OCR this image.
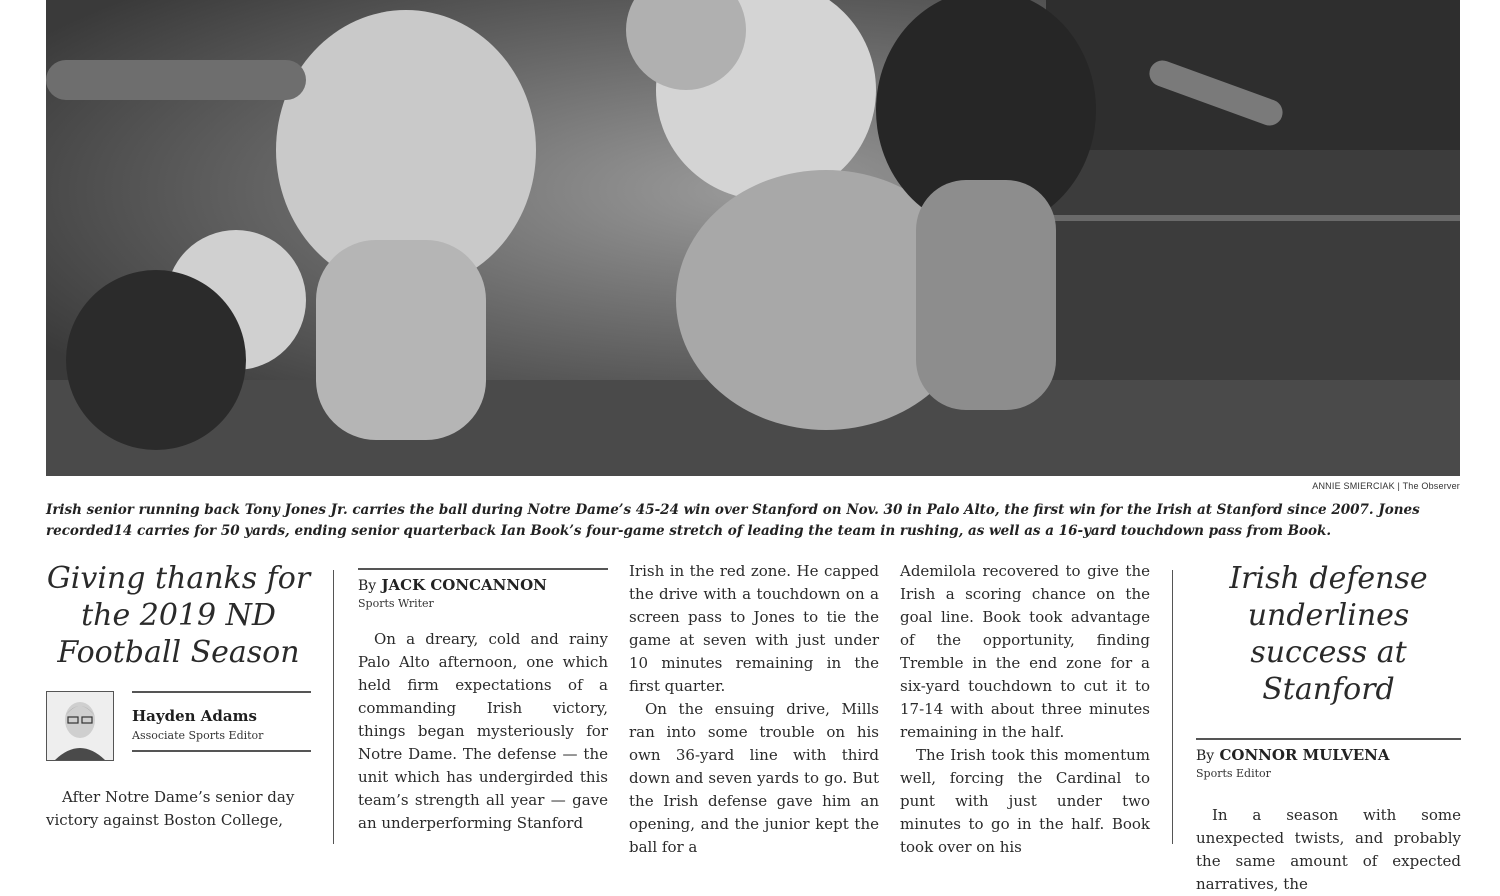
ANNIE SMIERCIAK | The Observer
Irish senior running back Tony Jones Jr. carries the ball during Notre Dame’s 45-24 win over Stanford on Nov. 30 in Palo Alto, the first win for the Irish at Stanford since 2007. Jones recorded14 carries for 50 yards, ending senior quarterback Ian Book’s four-game stretch of leading the team in rushing, as well as a 16-yard touchdown pass from Book.
Giving thanks for the 2019 ND Football Season
Hayden Adams
Associate Sports Editor

After Notre Dame’s senior day victory against Boston College,

By JACK CONCANNON
Sports Writer

On a dreary, cold and rainy Palo Alto afternoon, one which held firm expectations of a commanding Irish victory, things began mysteriously for Notre Dame. The defense — the unit which has undergirded this team’s strength all year — gave an underperforming Stanford

Irish in the red zone. He capped the drive with a touchdown on a screen pass to Jones to tie the game at seven with just under 10 minutes remaining in the first quarter.

On the ensuing drive, Mills ran into some trouble on his own 36-yard line with third down and seven yards to go. But the Irish defense gave him an opening, and the junior kept the ball for a

Ademilola recovered to give the Irish a scoring chance on the goal line. Book took advantage of the opportunity, finding Tremble in the end zone for a six-yard touchdown to cut it to 17-14 with about three minutes remaining in the half.

The Irish took this momentum well, forcing the Cardinal to punt with just under two minutes to go in the half. Book took over on his

Irish defense underlines success at Stanford
By CONNOR MULVENA
Sports Editor

In a season with some unexpected twists, and probably the same amount of expected narratives, the
